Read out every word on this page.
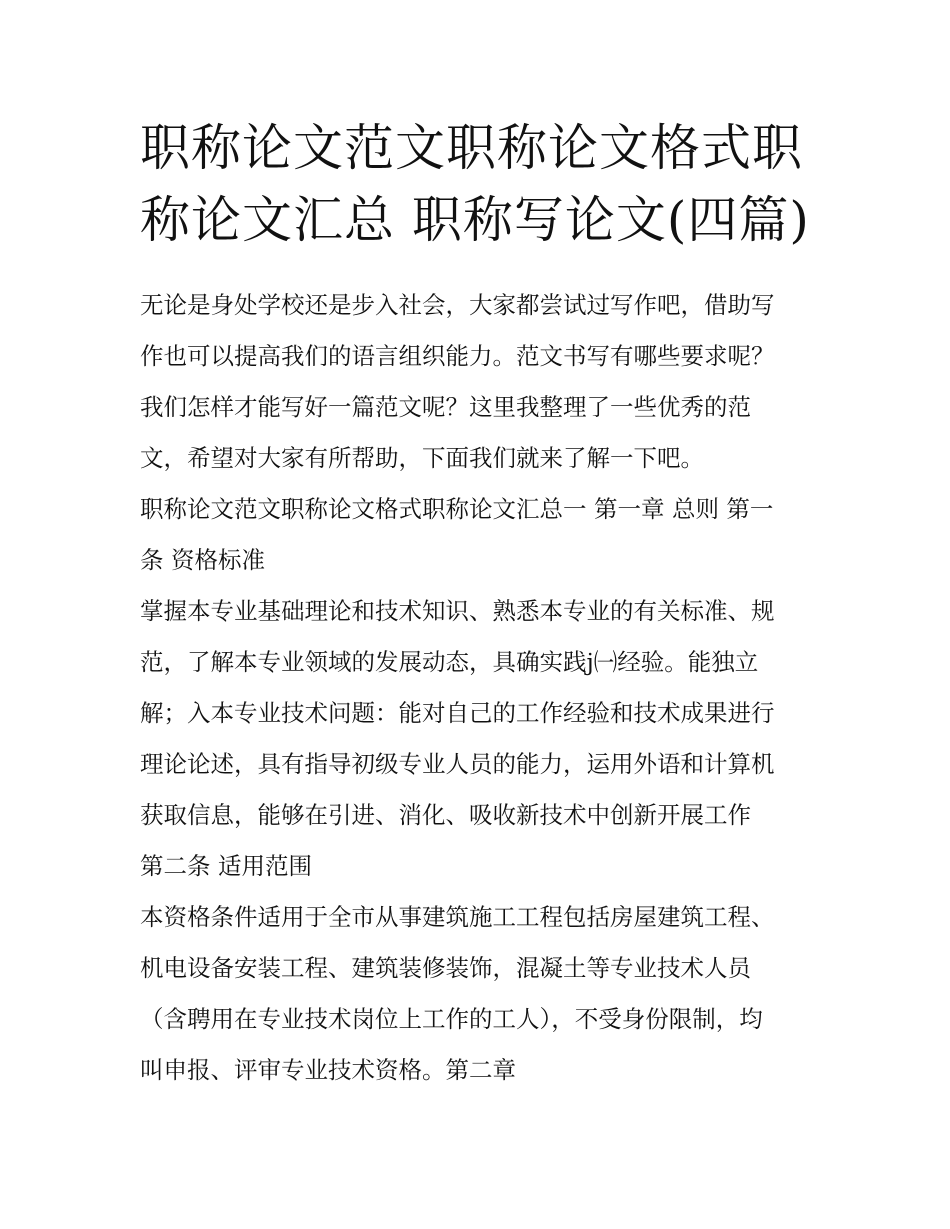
职称论文范文职称论文格式职
称论文汇总 职称写论文(四篇)
无论是身处学校还是步入社会，大家都尝试过写作吧，借助写
作也可以提高我们的语言组织能力。范文书写有哪些要求呢？
我们怎样才能写好一篇范文呢？这里我整理了一些优秀的范
文，希望对大家有所帮助，下面我们就来了解一下吧。
职称论文范文职称论文格式职称论文汇总一 第一章 总则 第一
条 资格标准
掌握本专业基础理论和技术知识、熟悉本专业的有关标准、规
范，了解本专业领域的发展动态，具确实践j㈠经验。能独立
解；入本专业技术问题：能对自己的工作经验和技术成果进行
理论论述，具有指导初级专业人员的能力，运用外语和计算机
获取信息，能够在引进、消化、吸收新技术中创新开展工作
第二条 适用范围
本资格条件适用于全市从事建筑施工工程包括房屋建筑工程、
机电设备安装工程、建筑装修装饰，混凝土等专业技术人员
（含聘用在专业技术岗位上工作的工人），不受身份限制，均
叫申报、评审专业技术资格。第二章
